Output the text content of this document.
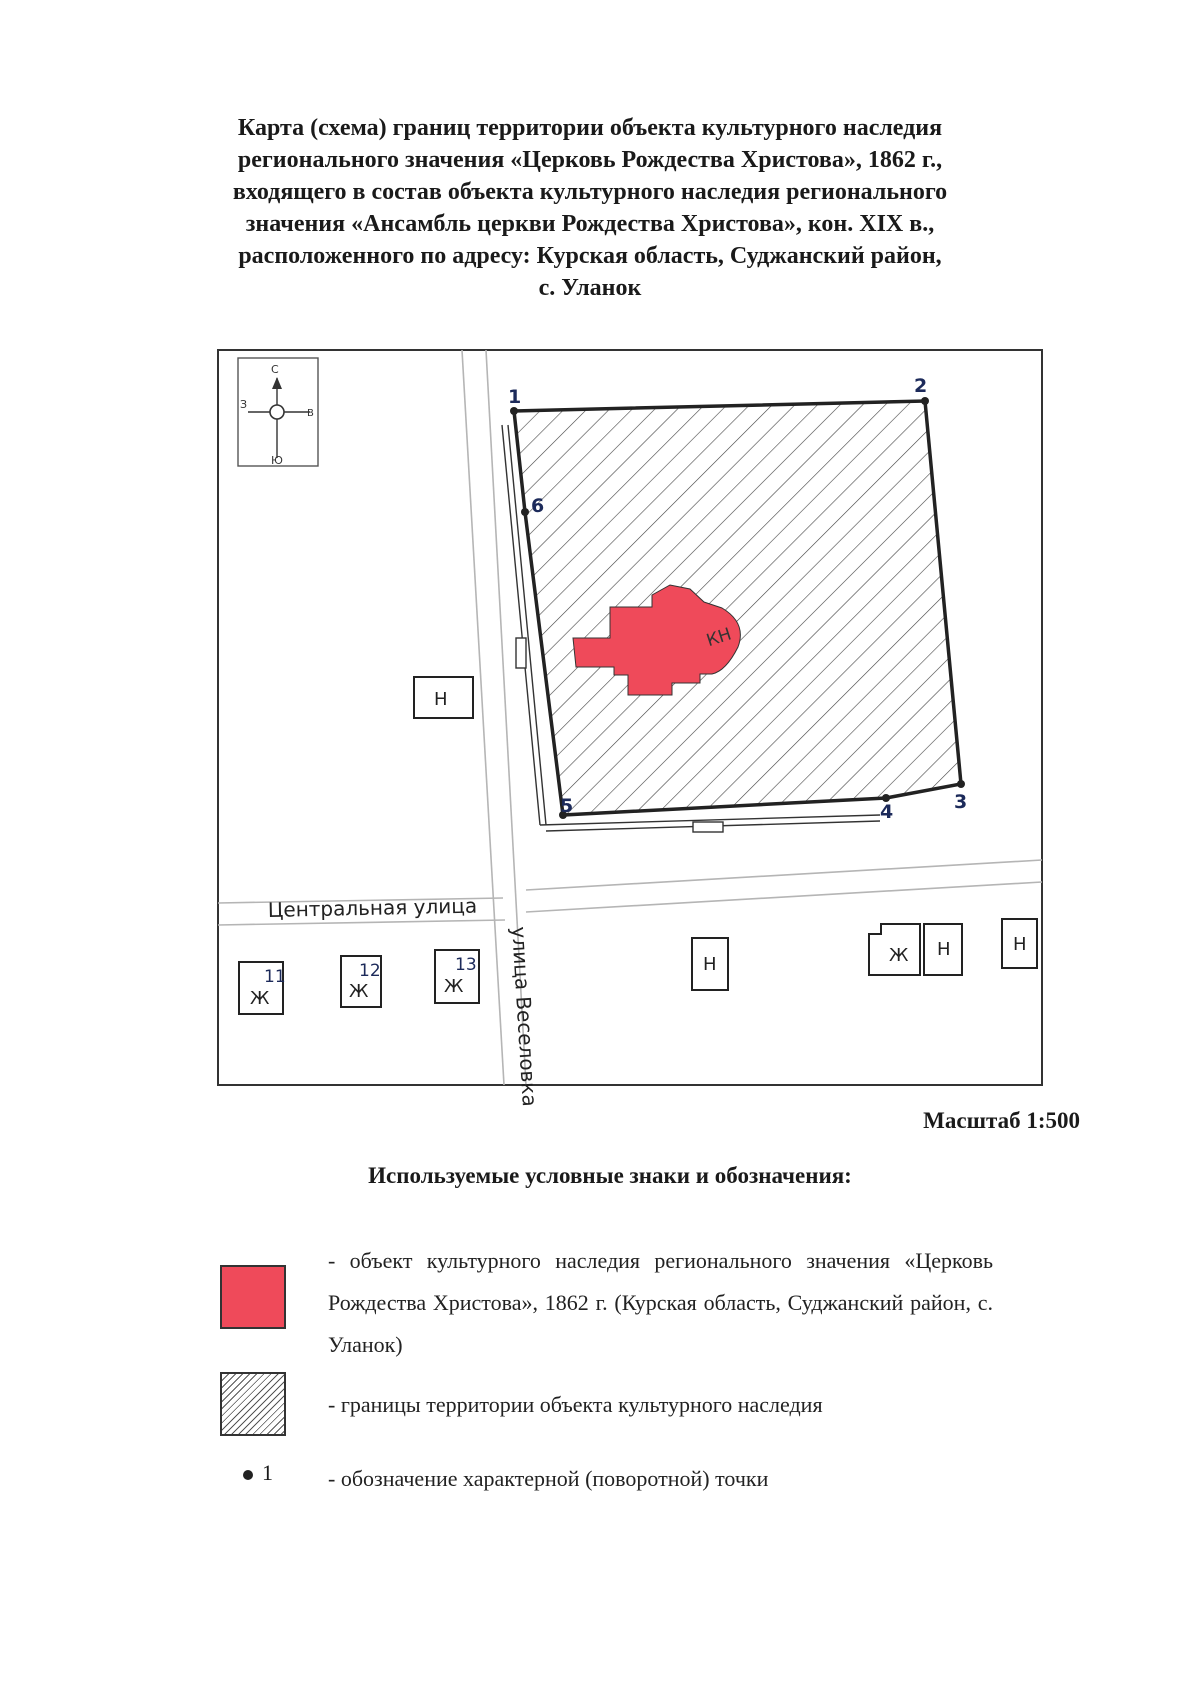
Карта (схема) границ территории объекта культурного наследия
регионального значения «Церковь Рождества Христова», 1862 г.,
входящего в состав объекта культурного наследия регионального
значения «Ансамбль церкви Рождества Христова», кон. XIX в.,
расположенного по адресу: Курская область, Суджанский район,
с. Уланок
КН
1	2
3
4
5
6
С
Ю
З
В
Центральная улица
улица Веселовка
Н
Ж
11
Ж
12
Ж
13	Н	Ж Н	Н
Масштаб 1:500
Используемые условные знаки и обозначения:
- объект культурного наследия регионального значения «Церковь Рождества Христова», 1862 г. (Курская область, Суджанский район, с. Уланок)
- границы территории объекта культурного наследия
1	- обозначение характерной (поворотной) точки
